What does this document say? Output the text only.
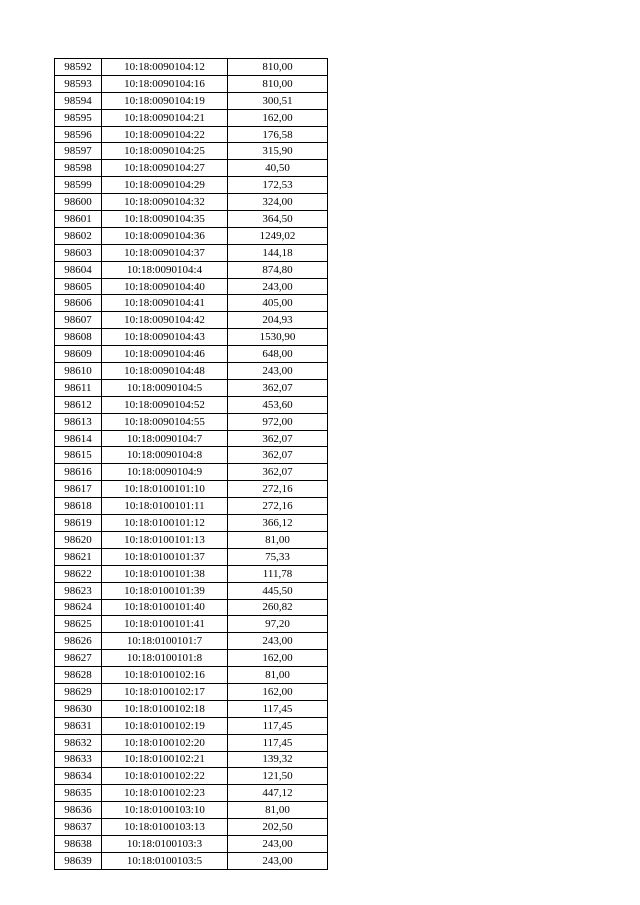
98592	10:18:0090104:12	810,00
98593	10:18:0090104:16	810,00
98594	10:18:0090104:19	300,51
98595	10:18:0090104:21	162,00
98596	10:18:0090104:22	176,58
98597	10:18:0090104:25	315,90
98598	10:18:0090104:27	40,50
98599	10:18:0090104:29	172,53
98600	10:18:0090104:32	324,00
98601	10:18:0090104:35	364,50
98602	10:18:0090104:36	1249,02
98603	10:18:0090104:37	144,18
98604	10:18:0090104:4	874,80
98605	10:18:0090104:40	243,00
98606	10:18:0090104:41	405,00
98607	10:18:0090104:42	204,93
98608	10:18:0090104:43	1530,90
98609	10:18:0090104:46	648,00
98610	10:18:0090104:48	243,00
98611	10:18:0090104:5	362,07
98612	10:18:0090104:52	453,60
98613	10:18:0090104:55	972,00
98614	10:18:0090104:7	362,07
98615	10:18:0090104:8	362,07
98616	10:18:0090104:9	362,07
98617	10:18:0100101:10	272,16
98618	10:18:0100101:11	272,16
98619	10:18:0100101:12	366,12
98620	10:18:0100101:13	81,00
98621	10:18:0100101:37	75,33
98622	10:18:0100101:38	111,78
98623	10:18:0100101:39	445,50
98624	10:18:0100101:40	260,82
98625	10:18:0100101:41	97,20
98626	10:18:0100101:7	243,00
98627	10:18:0100101:8	162,00
98628	10:18:0100102:16	81,00
98629	10:18:0100102:17	162,00
98630	10:18:0100102:18	117,45
98631	10:18:0100102:19	117,45
98632	10:18:0100102:20	117,45
98633	10:18:0100102:21	139,32
98634	10:18:0100102:22	121,50
98635	10:18:0100102:23	447,12
98636	10:18:0100103:10	81,00
98637	10:18:0100103:13	202,50
98638	10:18:0100103:3	243,00
98639	10:18:0100103:5	243,00
